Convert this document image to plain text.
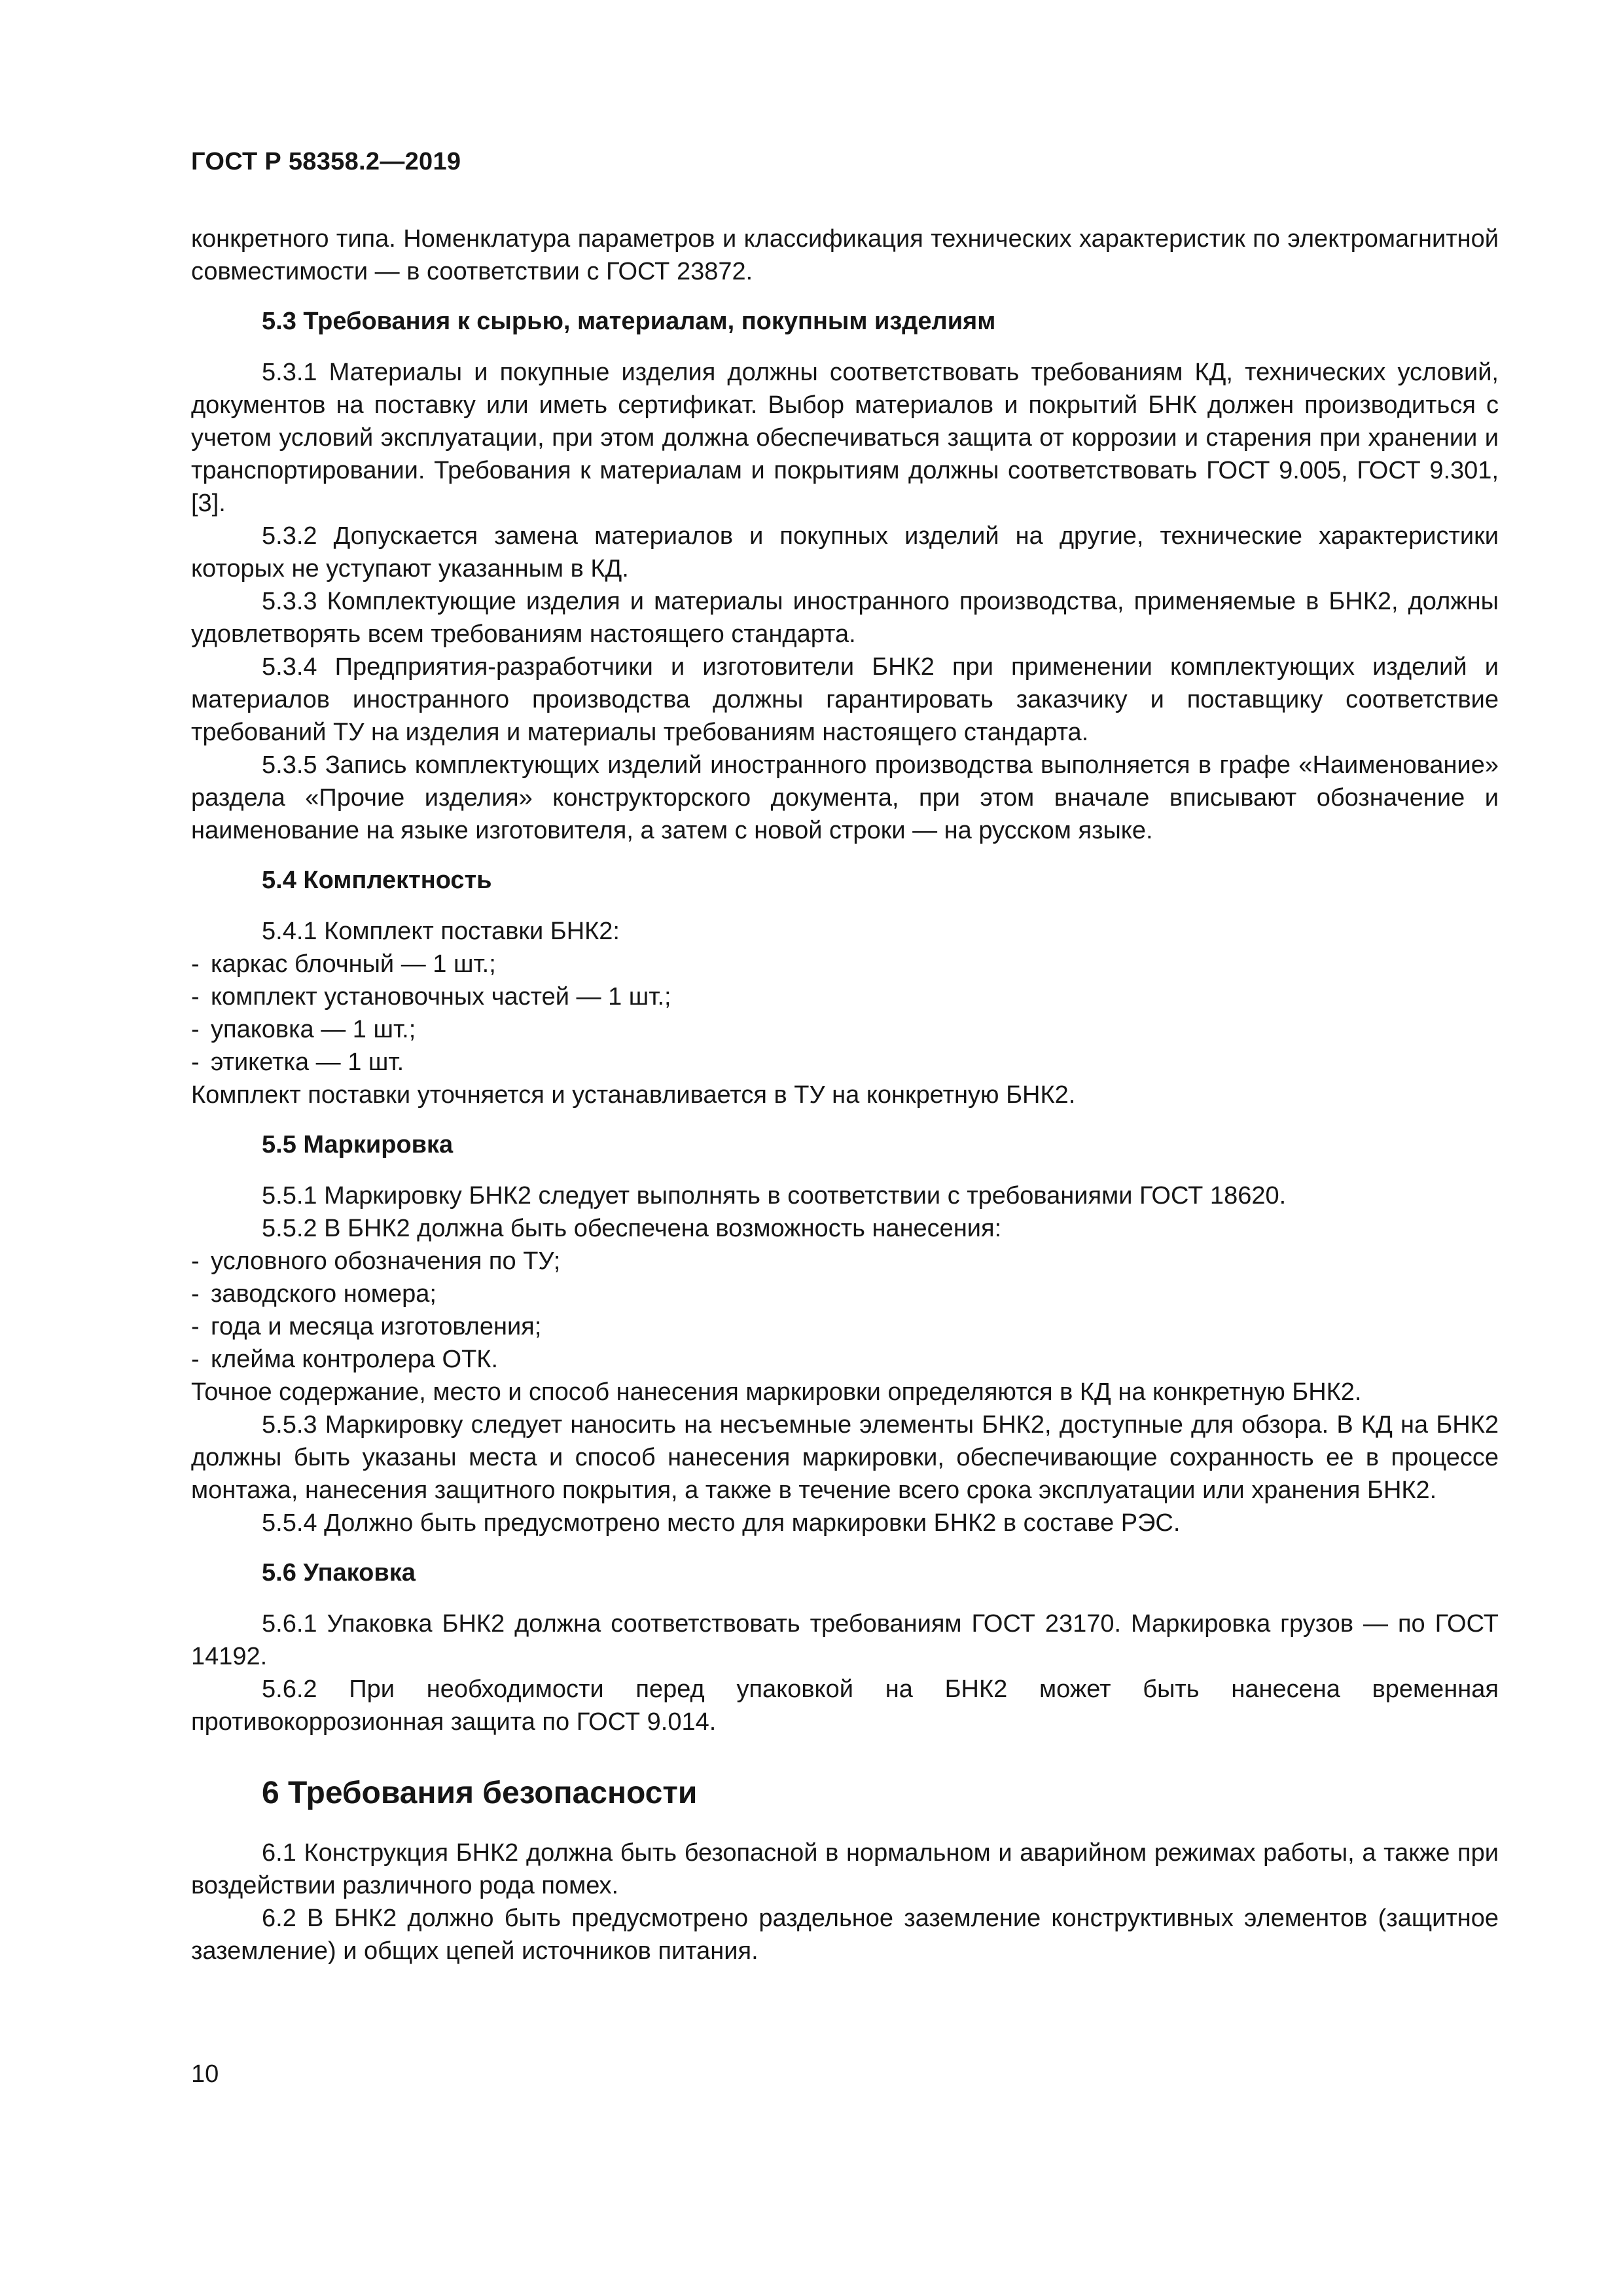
ГОСТ Р 58358.2—2019

конкретного типа. Номенклатура параметров и классификация технических характеристик по электромагнитной совместимости — в соответствии с ГОСТ 23872.

5.3 Требования к сырью, материалам, покупным изделиям

5.3.1 Материалы и покупные изделия должны соответствовать требованиям КД, технических условий, документов на поставку или иметь сертификат. Выбор материалов и покрытий БНК должен производиться с учетом условий эксплуатации, при этом должна обеспечиваться защита от коррозии и старения при хранении и транспортировании. Требования к материалам и покрытиям должны соответствовать ГОСТ 9.005, ГОСТ 9.301, [3].

5.3.2 Допускается замена материалов и покупных изделий на другие, технические характеристики которых не уступают указанным в КД.

5.3.3 Комплектующие изделия и материалы иностранного производства, применяемые в БНК2, должны удовлетворять всем требованиям настоящего стандарта.

5.3.4 Предприятия-разработчики и изготовители БНК2 при применении комплектующих изделий и материалов иностранного производства должны гарантировать заказчику и поставщику соответствие требований ТУ на изделия и материалы требованиям настоящего стандарта.

5.3.5 Запись комплектующих изделий иностранного производства выполняется в графе «Наименование» раздела «Прочие изделия» конструкторского документа, при этом вначале вписывают обозначение и наименование на языке изготовителя, а затем с новой строки — на русском языке.

5.4 Комплектность

5.4.1 Комплект поставки БНК2:

- каркас блочный — 1 шт.;
- комплект установочных частей — 1 шт.;
- упаковка — 1 шт.;
- этикетка — 1 шт.

Комплект поставки уточняется и устанавливается в ТУ на конкретную БНК2.

5.5 Маркировка

5.5.1 Маркировку БНК2 следует выполнять в соответствии с требованиями ГОСТ 18620.

5.5.2 В БНК2 должна быть обеспечена возможность нанесения:

- условного обозначения по ТУ;
- заводского номера;
- года и месяца изготовления;
- клейма контролера ОТК.

Точное содержание, место и способ нанесения маркировки определяются в КД на конкретную БНК2.

5.5.3 Маркировку следует наносить на несъемные элементы БНК2, доступные для обзора. В КД на БНК2 должны быть указаны места и способ нанесения маркировки, обеспечивающие сохранность ее в процессе монтажа, нанесения защитного покрытия, а также в течение всего срока эксплуатации или хранения БНК2.

5.5.4 Должно быть предусмотрено место для маркировки БНК2 в составе РЭС.

5.6 Упаковка

5.6.1 Упаковка БНК2 должна соответствовать требованиям ГОСТ 23170. Маркировка грузов — по ГОСТ 14192.

5.6.2 При необходимости перед упаковкой на БНК2 может быть нанесена временная противокоррозионная защита по ГОСТ 9.014.

6 Требования безопасности

6.1 Конструкция БНК2 должна быть безопасной в нормальном и аварийном режимах работы, а также при воздействии различного рода помех.

6.2 В БНК2 должно быть предусмотрено раздельное заземление конструктивных элементов (защитное заземление) и общих цепей источников питания.

10
